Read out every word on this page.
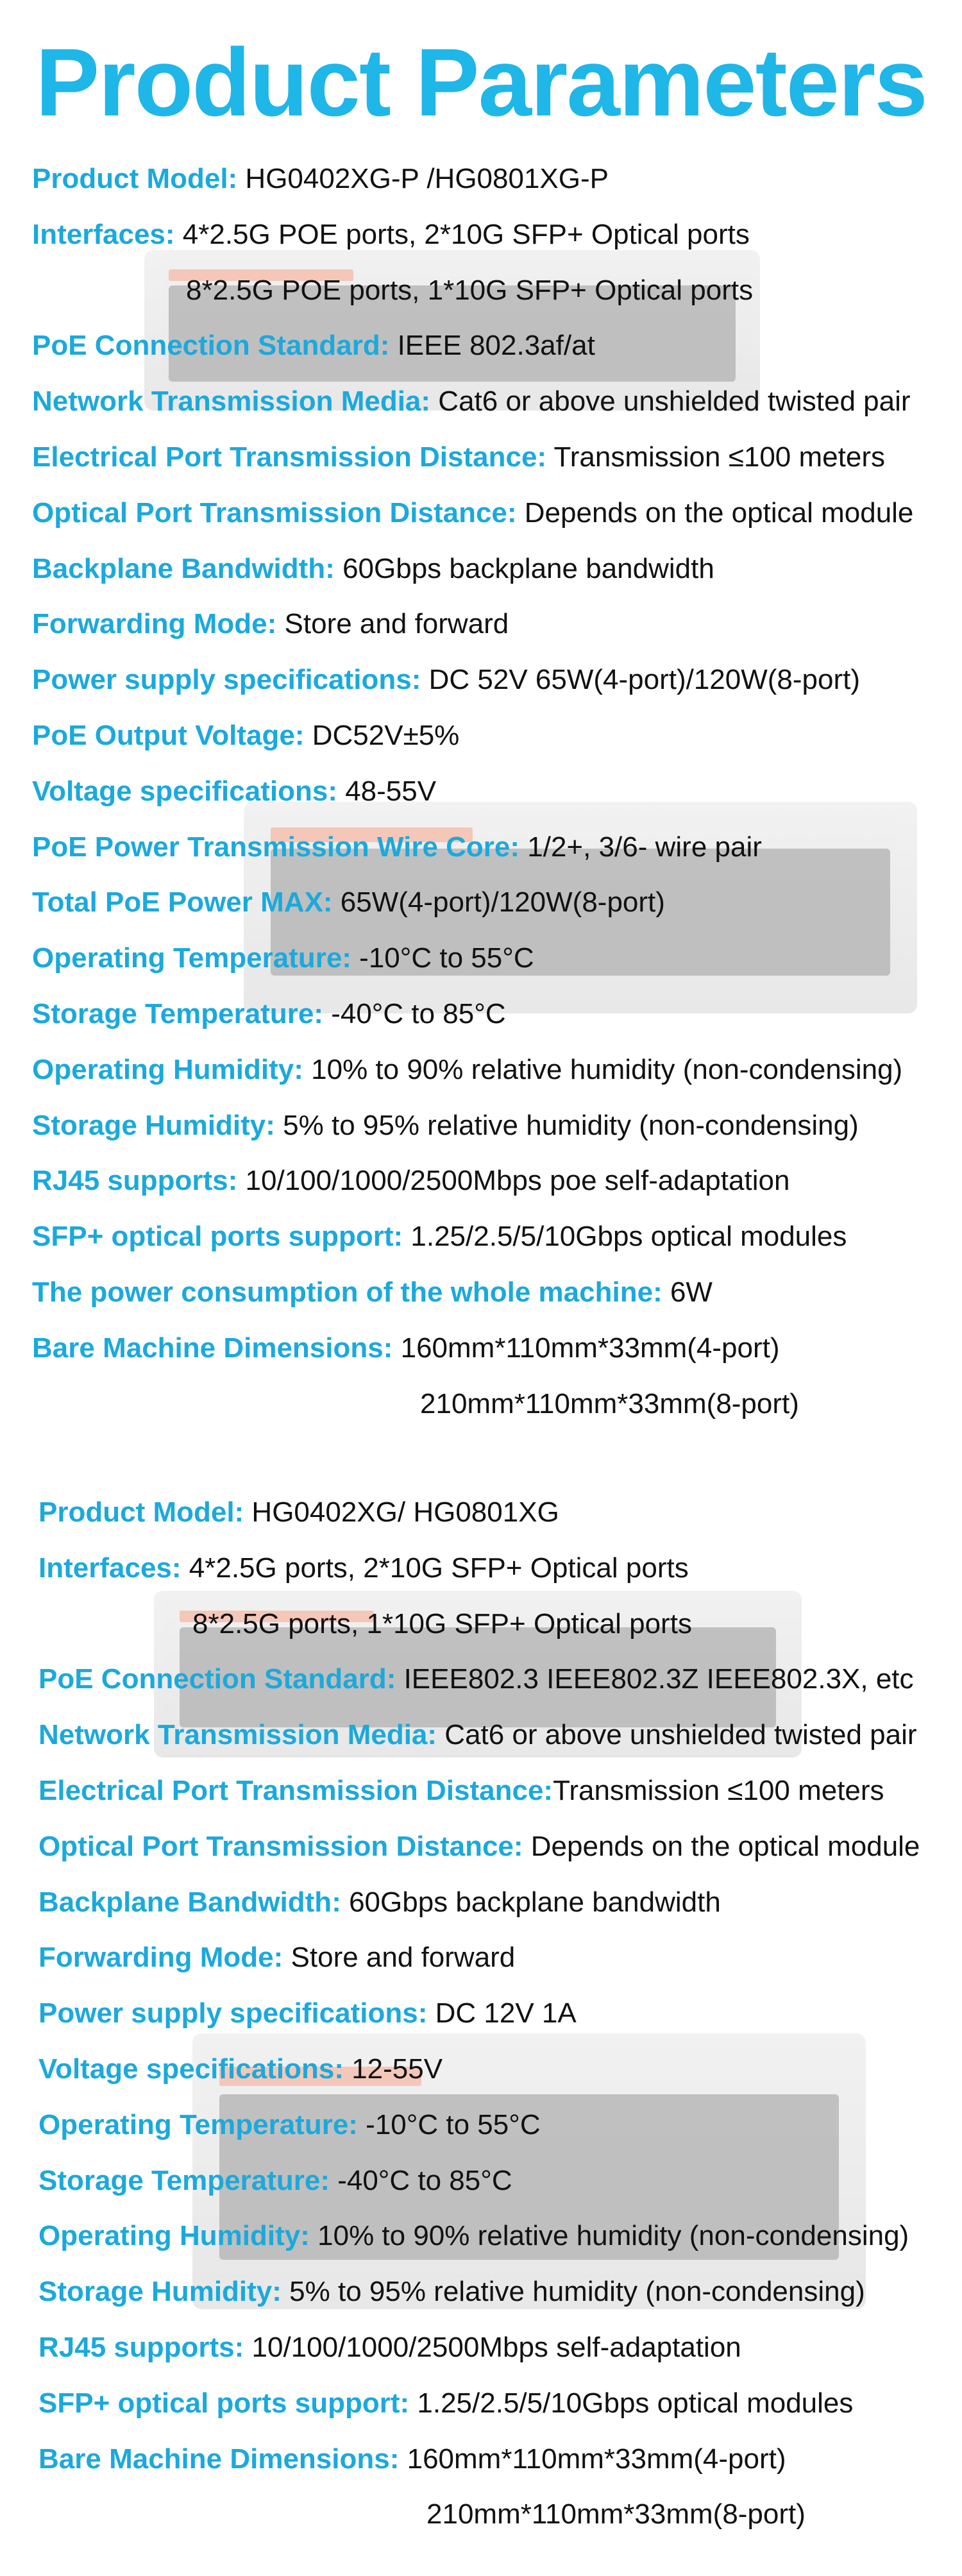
Product Parameters
Product Model: HG0402XG-P /HG0801XG-P
Interfaces: 4*2.5G POE ports, 2*10G SFP+ Optical ports
8*2.5G POE ports, 1*10G SFP+ Optical ports
PoE Connection Standard: IEEE 802.3af/at
Network Transmission Media: Cat6 or above unshielded twisted pair
Electrical Port Transmission Distance: Transmission ≤100 meters
Optical Port Transmission Distance: Depends on the optical module
Backplane Bandwidth: 60Gbps backplane bandwidth
Forwarding Mode: Store and forward
Power supply specifications: DC 52V 65W(4-port)/120W(8-port)
PoE Output Voltage: DC52V±5%
Voltage specifications: 48-55V
PoE Power Transmission Wire Core: 1/2+, 3/6- wire pair
Total PoE Power MAX: 65W(4-port)/120W(8-port)
Operating Temperature: -10°C to 55°C
Storage Temperature: -40°C to 85°C
Operating Humidity: 10% to 90% relative humidity (non-condensing)
Storage Humidity: 5% to 95% relative humidity (non-condensing)
RJ45 supports: 10/100/1000/2500Mbps poe self-adaptation
SFP+ optical ports support: 1.25/2.5/5/10Gbps optical modules
The power consumption of the whole machine: 6W
Bare Machine Dimensions: 160mm*110mm*33mm(4-port)
210mm*110mm*33mm(8-port)
Product Model: HG0402XG/ HG0801XG
Interfaces: 4*2.5G ports, 2*10G SFP+ Optical ports
8*2.5G ports, 1*10G SFP+ Optical ports
PoE Connection Standard: IEEE802.3 IEEE802.3Z IEEE802.3X, etc
Network Transmission Media: Cat6 or above unshielded twisted pair
Electrical Port Transmission Distance:Transmission ≤100 meters
Optical Port Transmission Distance: Depends on the optical module
Backplane Bandwidth: 60Gbps backplane bandwidth
Forwarding Mode: Store and forward
Power supply specifications: DC 12V 1A
Voltage specifications: 12-55V
Operating Temperature: -10°C to 55°C
Storage Temperature: -40°C to 85°C
Operating Humidity: 10% to 90% relative humidity (non-condensing)
Storage Humidity: 5% to 95% relative humidity (non-condensing)
RJ45 supports: 10/100/1000/2500Mbps self-adaptation
SFP+ optical ports support: 1.25/2.5/5/10Gbps optical modules
Bare Machine Dimensions: 160mm*110mm*33mm(4-port)
210mm*110mm*33mm(8-port)
